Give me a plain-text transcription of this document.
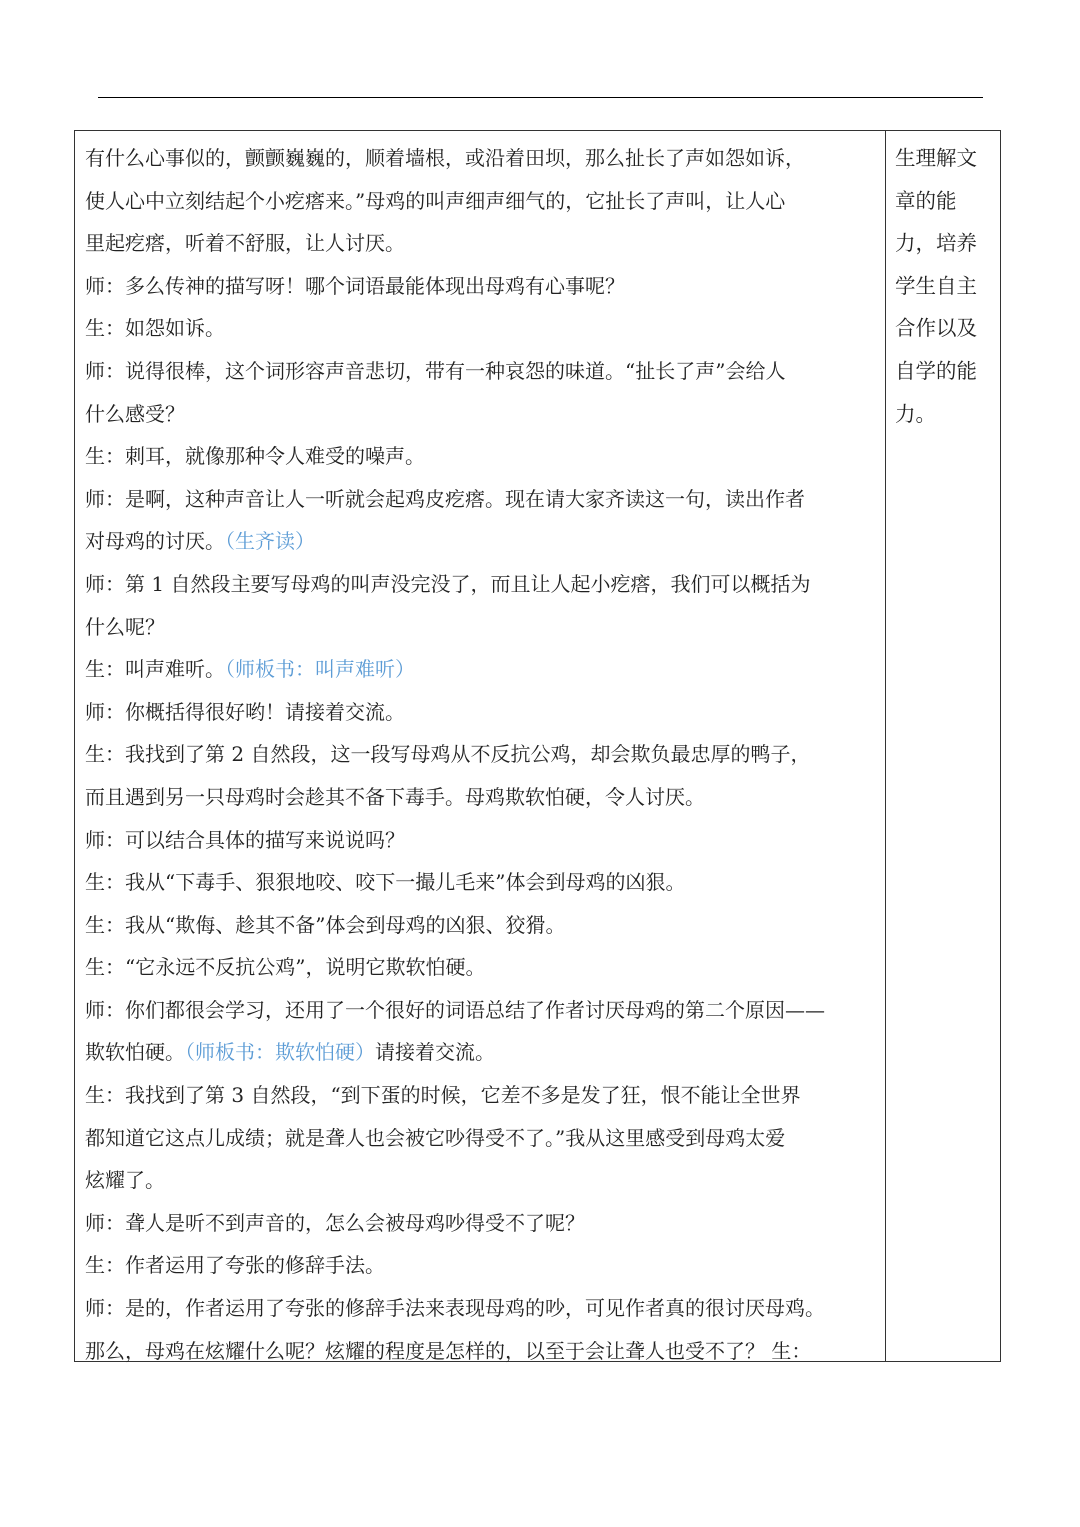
有什么心事似的，颤颤巍巍的，顺着墙根，或沿着田坝，那么扯长了声如怨如诉，
使人心中立刻结起个小疙瘩来。”母鸡的叫声细声细气的，它扯长了声叫，让人心
里起疙瘩，听着不舒服，让人讨厌。
师：多么传神的描写呀！哪个词语最能体现出母鸡有心事呢？
生：如怨如诉。
师：说得很棒，这个词形容声音悲切，带有一种哀怨的味道。“扯长了声”会给人
什么感受？
生：刺耳，就像那种令人难受的噪声。
师：是啊，这种声音让人一听就会起鸡皮疙瘩。现在请大家齐读这一句，读出作者
对母鸡的讨厌。（生齐读）
师：第 1 自然段主要写母鸡的叫声没完没了，而且让人起小疙瘩，我们可以概括为
什么呢？
生：叫声难听。（师板书：叫声难听）
师：你概括得很好哟！请接着交流。
生：我找到了第 2 自然段，这一段写母鸡从不反抗公鸡，却会欺负最忠厚的鸭子，
而且遇到另一只母鸡时会趁其不备下毒手。母鸡欺软怕硬，令人讨厌。
师：可以结合具体的描写来说说吗？
生：我从“下毒手、狠狠地咬、咬下一撮儿毛来”体会到母鸡的凶狠。
生：我从“欺侮、趁其不备”体会到母鸡的凶狠、狡猾。
生：“它永远不反抗公鸡”，说明它欺软怕硬。
师：你们都很会学习，还用了一个很好的词语总结了作者讨厌母鸡的第二个原因——
欺软怕硬。（师板书：欺软怕硬）请接着交流。
生：我找到了第 3 自然段，“到下蛋的时候，它差不多是发了狂，恨不能让全世界
都知道它这点儿成绩；就是聋人也会被它吵得受不了。”我从这里感受到母鸡太爱
炫耀了。
师：聋人是听不到声音的，怎么会被母鸡吵得受不了呢？
生：作者运用了夸张的修辞手法。
师：是的，作者运用了夸张的修辞手法来表现母鸡的吵，可见作者真的很讨厌母鸡。
那么，母鸡在炫耀什么呢？炫耀的程度是怎样的，以至于会让聋人也受不了？ 生：
生理解文
章的能
力，培养
学生自主
合作以及
自学的能
力。
